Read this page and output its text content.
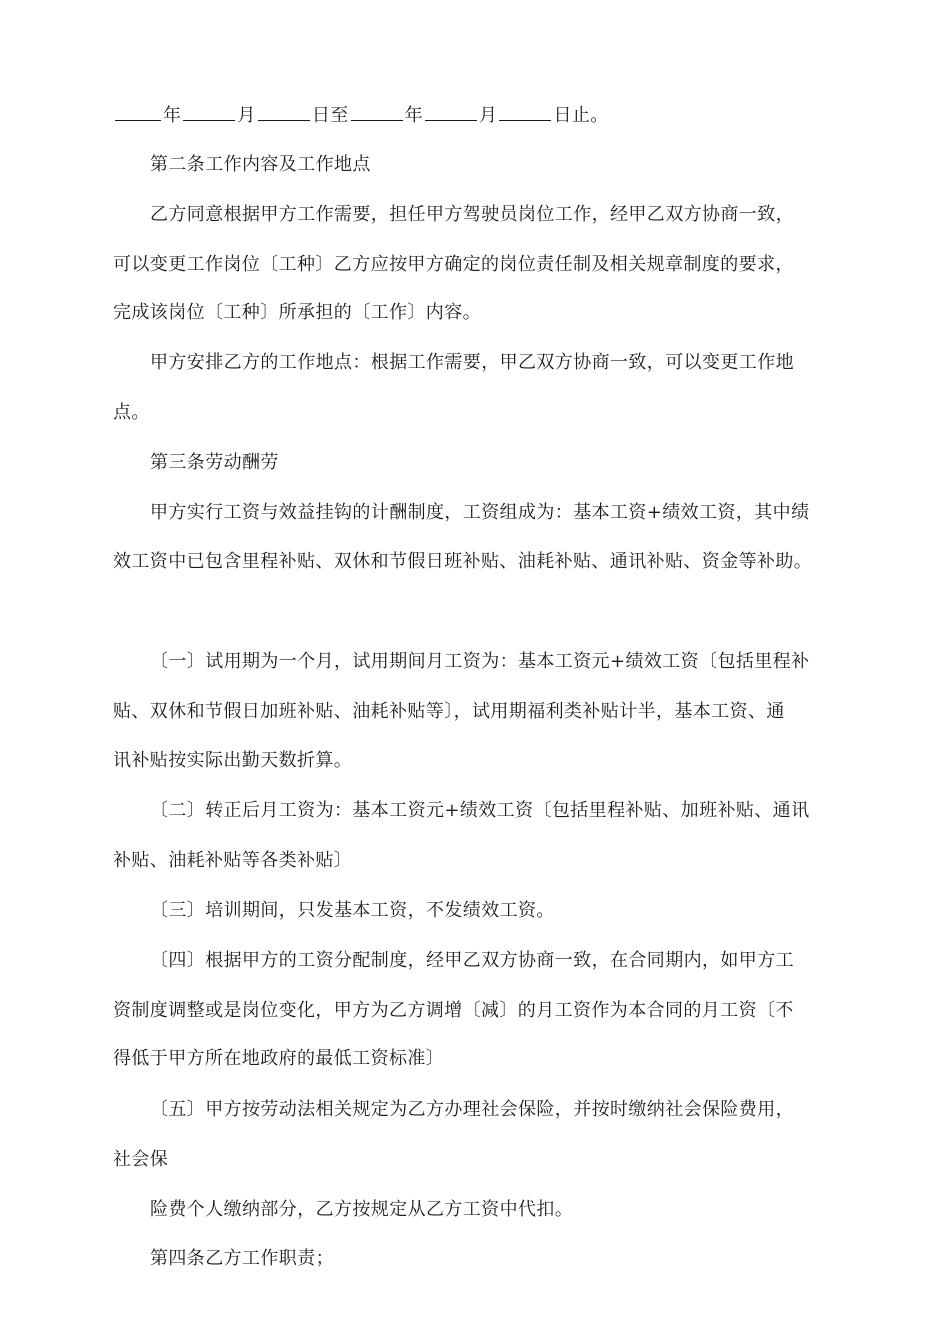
年	月	日至	年	月	日止。
第二条工作内容及工作地点
乙方同意根据甲方工作需要，担任甲方驾驶员岗位工作，经甲乙双方协商一致，
可以变更工作岗位〔工种〕乙方应按甲方确定的岗位责任制及相关规章制度的要求，
完成该岗位〔工种〕所承担的〔工作〕内容。
甲方安排乙方的工作地点：根据工作需要，甲乙双方协商一致，可以变更工作地
点。
第三条劳动酬劳
甲方实行工资与效益挂钩的计酬制度，工资组成为：基本工资+绩效工资，其中绩
效工资中已包含里程补贴、双休和节假日班补贴、油耗补贴、通讯补贴、资金等补助。
〔一〕试用期为一个月，试用期间月工资为：基本工资元+绩效工资〔包括里程补
贴、双休和节假日加班补贴、油耗补贴等〕，试用期福利类补贴计半，基本工资、通
讯补贴按实际出勤天数折算。
〔二〕转正后月工资为：基本工资元+绩效工资〔包括里程补贴、加班补贴、通讯
补贴、油耗补贴等各类补贴〕
〔三〕培训期间，只发基本工资，不发绩效工资。
〔四〕根据甲方的工资分配制度，经甲乙双方协商一致，在合同期内，如甲方工
资制度调整或是岗位变化，甲方为乙方调增〔减〕的月工资作为本合同的月工资〔不
得低于甲方所在地政府的最低工资标准〕
〔五〕甲方按劳动法相关规定为乙方办理社会保险，并按时缴纳社会保险费用，
社会保
险费个人缴纳部分，乙方按规定从乙方工资中代扣。
第四条乙方工作职责；
